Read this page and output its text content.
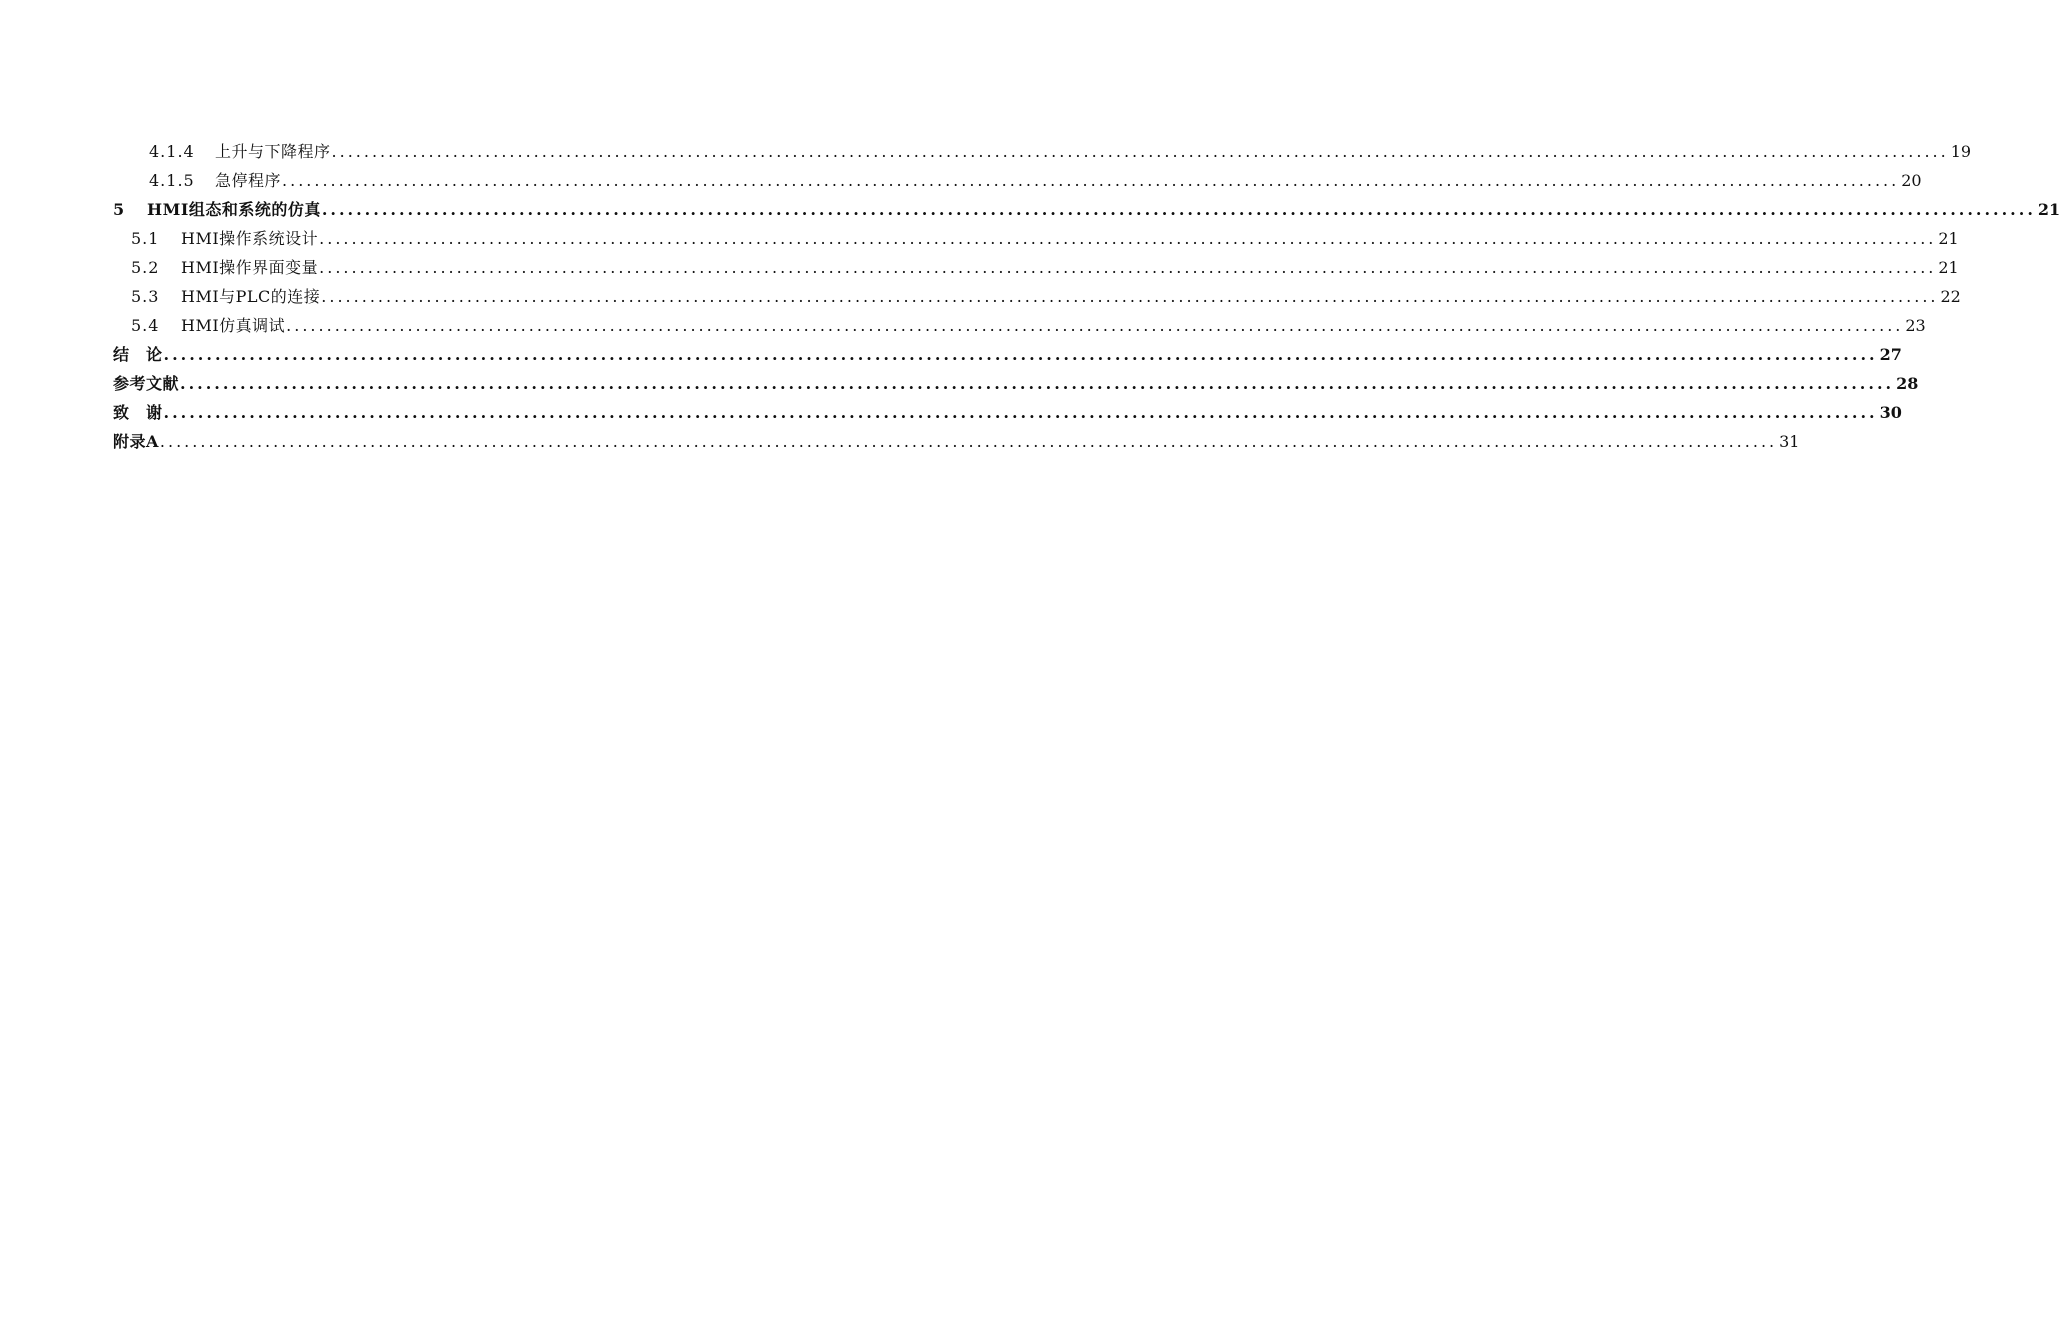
4.1.4	上升与下降程序 ........................................................................................................................................................................................................ 19
4.1.5	急停程序 ........................................................................................................................................................................................................ 20
5	HMI组态和系统的仿真 ........................................................................................................................................................................................................ 21
5.1	HMI操作系统设计 ........................................................................................................................................................................................................ 21
5.2	HMI操作界面变量 ........................................................................................................................................................................................................ 21
5.3	HMI与PLC的连接 ........................................................................................................................................................................................................ 22
5.4	HMI仿真调试 ........................................................................................................................................................................................................ 23
结　论 ........................................................................................................................................................................................................ 27
参考文献 ........................................................................................................................................................................................................ 28
致　谢 ........................................................................................................................................................................................................ 30
附录A ........................................................................................................................................................................................................ 31
